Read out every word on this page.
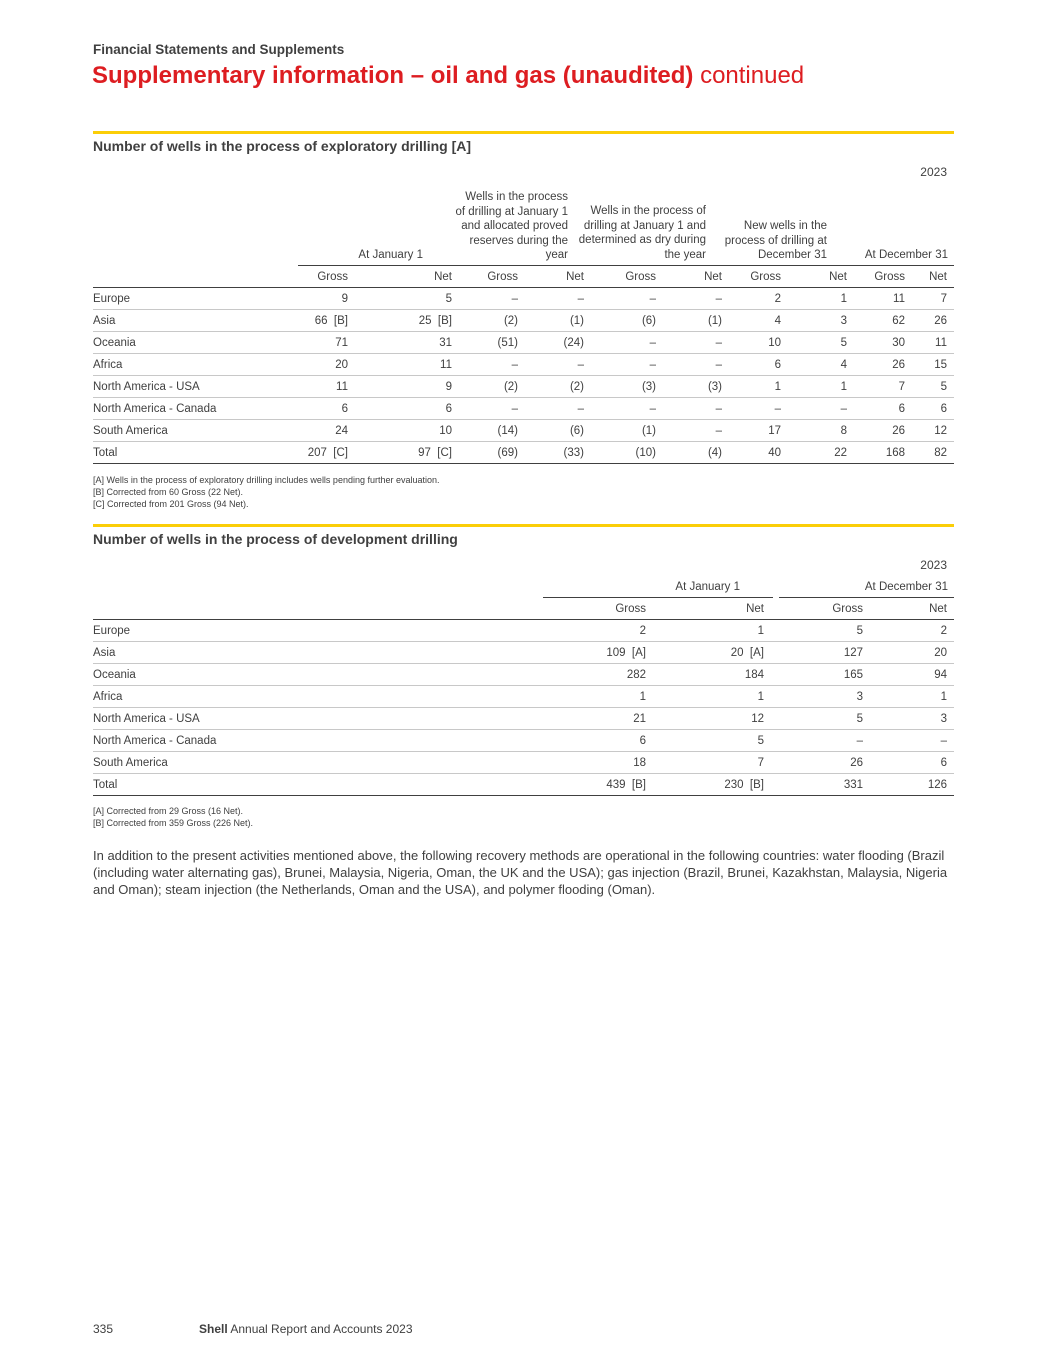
Financial Statements and Supplements
Supplementary information – oil and gas (unaudited) continued
Number of wells in the process of exploratory drilling [A]
2023
At January 1
Wells in the process of drilling at January 1 and allocated proved reserves during the year
Wells in the process of drilling at January 1 and determined as dry during the year
New wells in the process of drilling at December 31	At December 31
	Gross	Net	Gross	Net	Gross	Net	Gross	Net	Gross	Net
Europe	9	5	–	–	–	–	2	1	11	7
Asia	66  [B]	25  [B]	(2)	(1)	(6)	(1)	4	3	62	26
Oceania	71	31	(51)	(24)	–	–	10	5	30	11
Africa	20	11	–	–	–	–	6	4	26	15
North America - USA	11	9	(2)	(2)	(3)	(3)	1	1	7	5
North America - Canada	6	6	–	–	–	–	–	–	6	6
South America	24	10	(14)	(6)	(1)	–	17	8	26	12
Total	207  [C]	97  [C]	(69)	(33)	(10)	(4)	40	22	168	82
[A] Wells in the process of exploratory drilling includes wells pending further evaluation.
[B] Corrected from 60 Gross (22 Net).
[C] Corrected from 201 Gross (94 Net).
Number of wells in the process of development drilling
2023
At January 1	At December 31
	Gross	Net	Gross	Net
Europe	2	1	5	2
Asia	109  [A]	20  [A]	127	20
Oceania	282	184	165	94
Africa	1	1	3	1
North America - USA	21	12	5	3
North America - Canada	6	5	–	–
South America	18	7	26	6
Total	439  [B]	230  [B]	331	126
[A] Corrected from 29 Gross (16 Net).
[B] Corrected from 359 Gross (226 Net).
In addition to the present activities mentioned above, the following recovery methods are operational in the following countries: water flooding (Brazil (including water alternating gas), Brunei, Malaysia, Nigeria, Oman, the UK and the USA); gas injection (Brazil, Brunei, Kazakhstan, Malaysia, Nigeria and Oman); steam injection (the Netherlands, Oman and the USA), and polymer flooding (Oman).
335	Shell Annual Report and Accounts 2023
